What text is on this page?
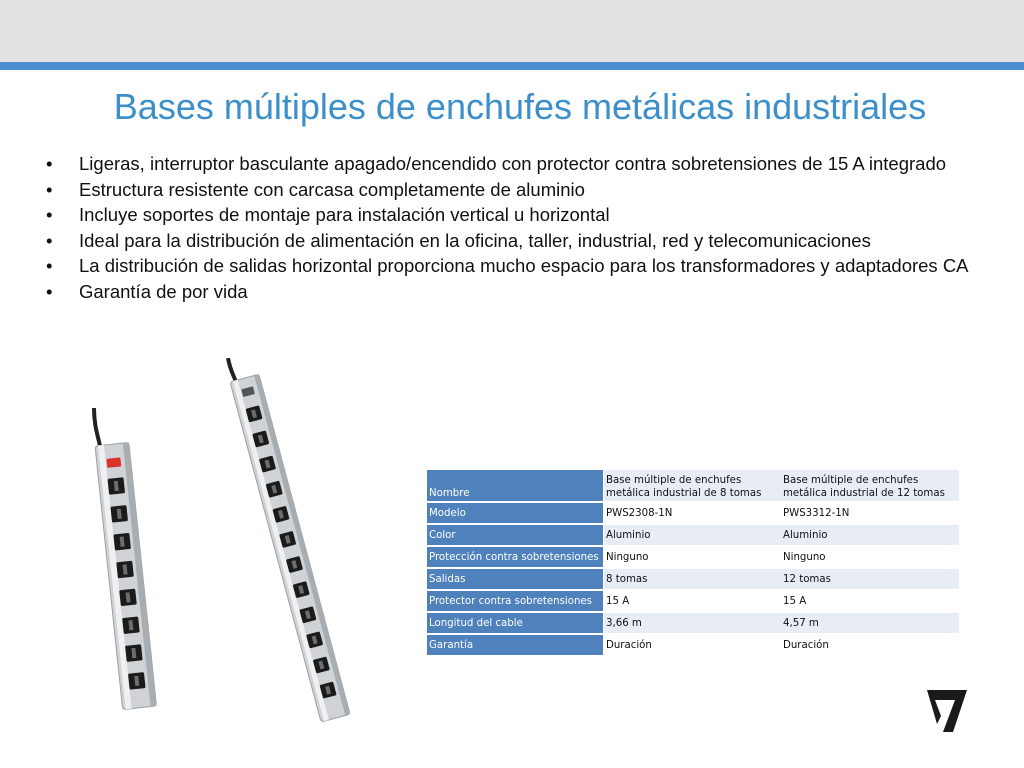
Bases múltiples de enchufes metálicas industriales
• Ligeras, interruptor basculante apagado/encendido con protector contra sobretensiones de 15 A integrado
• Estructura resistente con carcasa completamente de aluminio
• Incluye soportes de montaje para instalación vertical u horizontal
• Ideal para la distribución de alimentación en la oficina, taller, industrial, red y telecomunicaciones
• La distribución de salidas horizontal proporciona mucho espacio para los transformadores y adaptadores CA
• Garantía de por vida
Nombre	Base múltiple de enchufes metálica industrial de 8 tomas	Base múltiple de enchufes metálica industrial de 12 tomas
Modelo	PWS2308-1N	PWS3312-1N
Color	Aluminio	Aluminio
Protección contra sobretensiones	Ninguno	Ninguno
Salidas	8 tomas	12 tomas
Protector contra sobretensiones	15 A	15 A
Longitud del cable	3,66 m	4,57 m
Garantía	Duración	Duración
